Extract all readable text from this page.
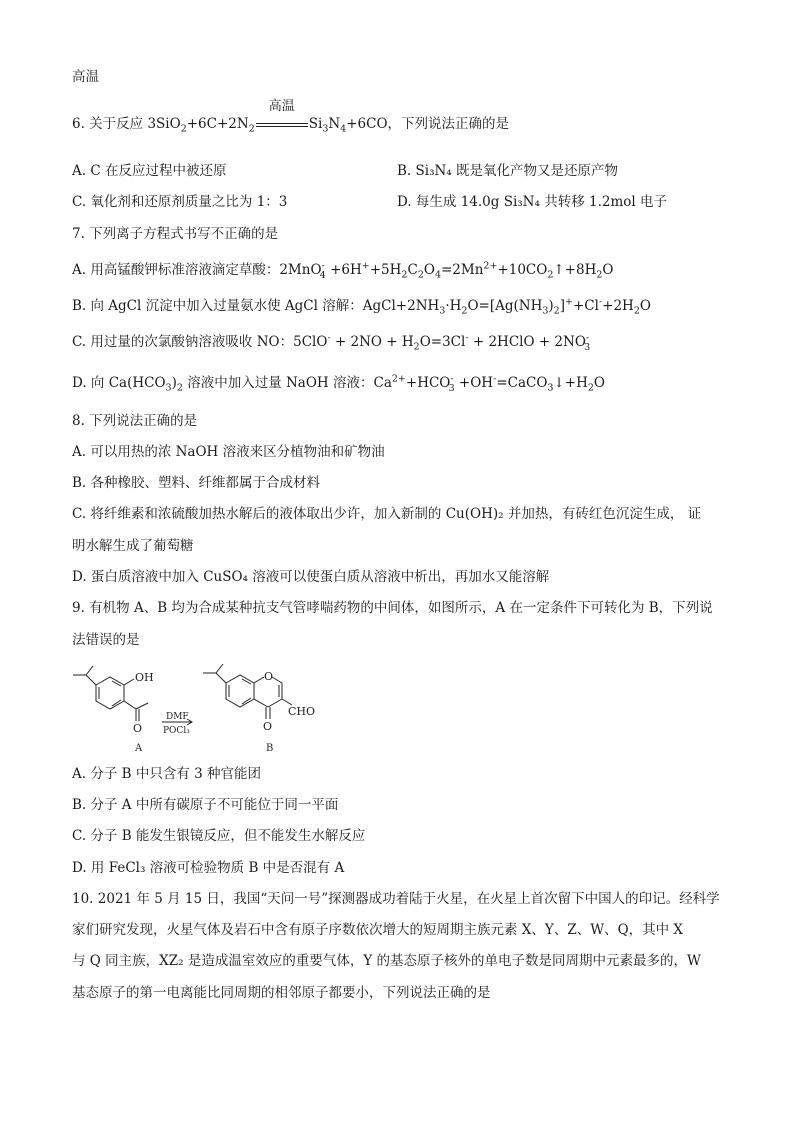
高温
6. 关于反应 $3SiO_2+6C+2N_2$
高温
$Si_3N_4+6CO$，下列说法正确的是
A. C 在反应过程中被还原	B. Si₃N₄ 既是氧化产物又是还原产物
C. 氧化剂和还原剂质量之比为 1：3	D. 每生成 14.0g Si₃N₄ 共转移 1.2mol 电子
7. 下列离子方程式书写不正确的是
A. 用高锰酸钾标准溶液滴定草酸：$2MnO^-_4 +6H^++5H_2C_2O_4=2Mn^{2+}+10CO_2↑+8H_2O$
B. 向 AgCl 沉淀中加入过量氨水使 AgCl 溶解：$AgCl+2NH_3\cdot H_2O=[Ag(NH_3)_2]^++Cl^-+2H_2O$
C. 用过量的次氯酸钠溶液吸收 NO：$5ClO^- + 2NO + H_2O=3Cl^-$ + 2HClO + $2NO^-_3$
D. 向 $Ca(HCO_3)_2$ 溶液中加入过量 NaOH 溶液：$Ca^{2+}+HCO^-_3$ $+OH^-=CaCO_3↓+H_2O$
8. 下列说法正确的是
A. 可以用热的浓 NaOH 溶液来区分植物油和矿物油
B. 各种橡胶、塑料、纤维都属于合成材料
C. 将纤维素和浓硫酸加热水解后的液体取出少许，加入新制的 Cu(OH)₂ 并加热，有砖红色沉淀生成， 证
明水解生成了葡萄糖
D. 蛋白质溶液中加入 CuSO₄ 溶液可以使蛋白质从溶液中析出，再加水又能溶解
9. 有机物 A、B 均为合成某种抗支气管哮喘药物的中间体，如图所示，A 在一定条件下可转化为 B，下列说
法错误的是
OH
O
DMF
POCl₃
O
O
CHO
A	B
A. 分子 B 中只含有 3 种官能团
B. 分子 A 中所有碳原子不可能位于同一平面
C. 分子 B 能发生银镜反应，但不能发生水解反应
D. 用 FeCl₃ 溶液可检验物质 B 中是否混有 A
10. 2021 年 5 月 15 日，我国“天问一号”探测器成功着陆于火星，在火星上首次留下中国人的印记。经科学
家们研究发现，火星气体及岩石中含有原子序数依次增大的短周期主族元素 X、Y、Z、W、Q，其中 X
与 Q 同主族，XZ₂ 是造成温室效应的重要气体，Y 的基态原子核外的单电子数是同周期中元素最多的，W
基态原子的第一电离能比同周期的相邻原子都要小，下列说法正确的是
